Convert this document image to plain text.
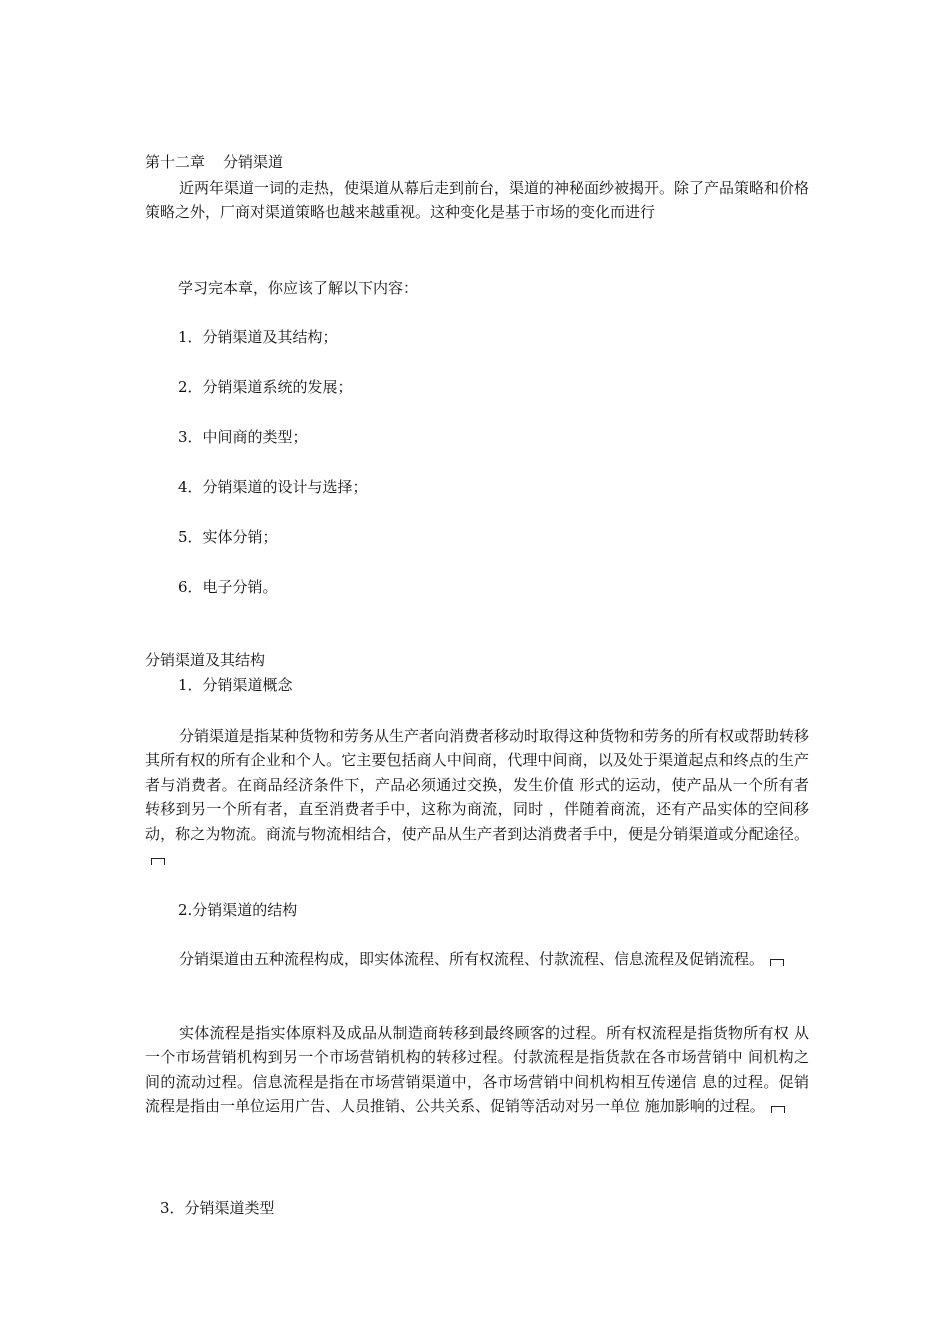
第十二章 分销渠道
近两年渠道一词的走热，使渠道从幕后走到前台，渠道的神秘面纱被揭开。除了产品策略和价格策略之外，厂商对渠道策略也越来越重视。这种变化是基于市场的变化而进行
学习完本章，你应该了解以下内容：
1．分销渠道及其结构；
2．分销渠道系统的发展；
3．中间商的类型；
4．分销渠道的设计与选择；
5．实体分销；
6．电子分销。
分销渠道及其结构
1．分销渠道概念
分销渠道是指某种货物和劳务从生产者向消费者移动时取得这种货物和劳务的所有权或帮助转移其所有权的所有企业和个人。它主要包括商人中间商，代理中间商，以及处于渠道起点和终点的生产者与消费者。在商品经济条件下，产品必须通过交换，发生价值 形式的运动，使产品从一个所有者转移到另一个所有者，直至消费者手中，这称为商流，同时 ，伴随着商流，还有产品实体的空间移动，称之为物流。商流与物流相结合，使产品从生产者到达消费者手中，便是分销渠道或分配途径。
2.分销渠道的结构
分销渠道由五种流程构成，即实体流程、所有权流程、付款流程、信息流程及促销流程。
实体流程是指实体原料及成品从制造商转移到最终顾客的过程。所有权流程是指货物所有权 从一个市场营销机构到另一个市场营销机构的转移过程。付款流程是指货款在各市场营销中 间机构之间的流动过程。信息流程是指在市场营销渠道中，各市场营销中间机构相互传递信 息的过程。促销流程是指由一单位运用广告、人员推销、公共关系、促销等活动对另一单位 施加影响的过程。
3．分销渠道类型
